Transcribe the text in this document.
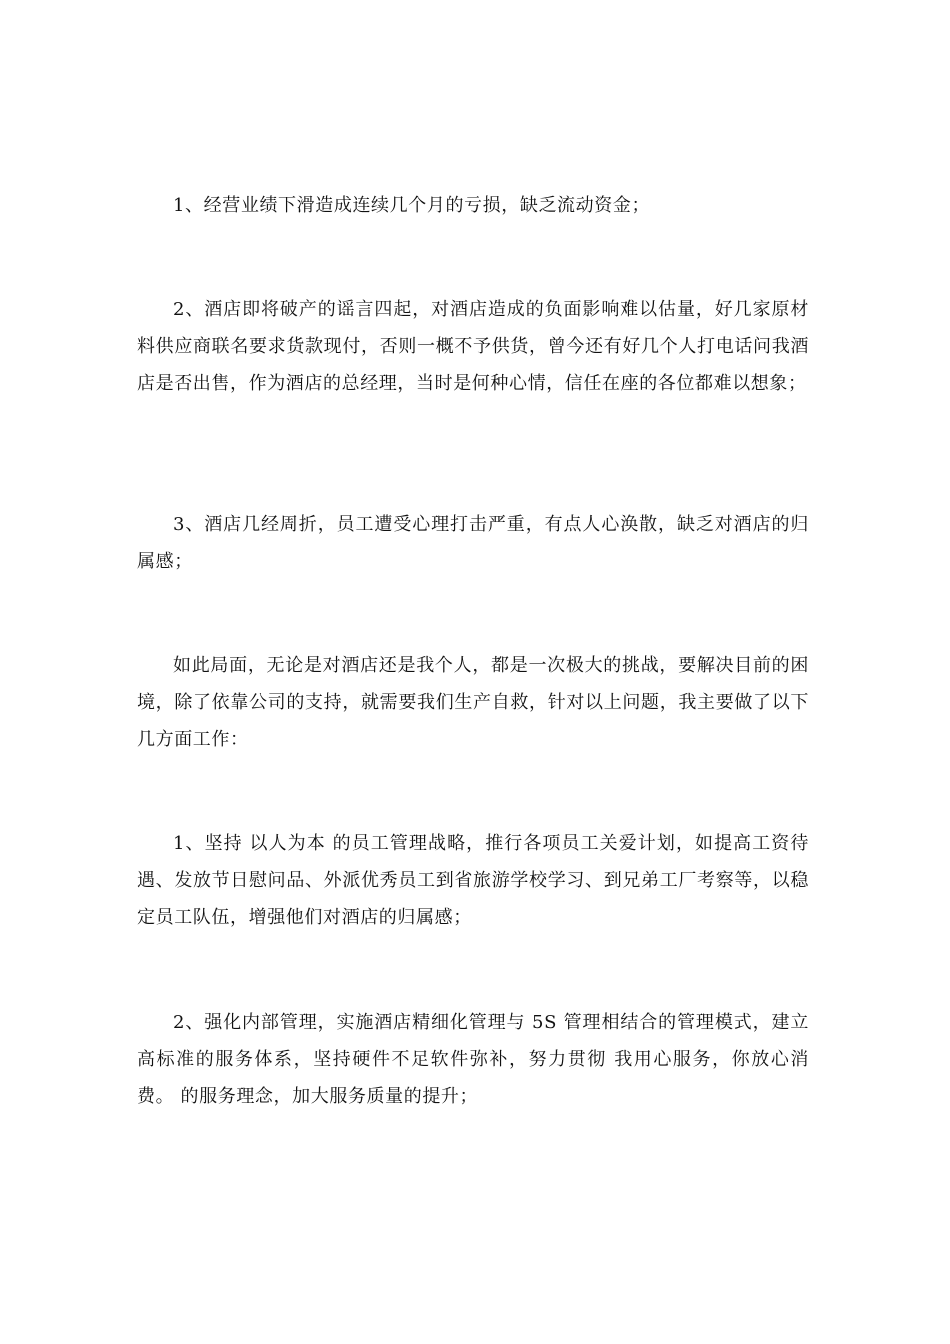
1、经营业绩下滑造成连续几个月的亏损，缺乏流动资金；

2、酒店即将破产的谣言四起，对酒店造成的负面影响难以估量，好几家原材料供应商联名要求货款现付，否则一概不予供货，曾今还有好几个人打电话问我酒店是否出售，作为酒店的总经理，当时是何种心情，信任在座的各位都难以想象；

3、酒店几经周折，员工遭受心理打击严重，有点人心涣散，缺乏对酒店的归属感；

如此局面，无论是对酒店还是我个人，都是一次极大的挑战，要解决目前的困境，除了依靠公司的支持，就需要我们生产自救，针对以上问题，我主要做了以下几方面工作：

1、坚持 以人为本 的员工管理战略，推行各项员工关爱计划，如提高工资待遇、发放节日慰问品、外派优秀员工到省旅游学校学习、到兄弟工厂考察等，以稳定员工队伍，增强他们对酒店的归属感；

2、强化内部管理，实施酒店精细化管理与 5S 管理相结合的管理模式，建立高标准的服务体系，坚持硬件不足软件弥补，努力贯彻 我用心服务，你放心消费。 的服务理念，加大服务质量的提升；
